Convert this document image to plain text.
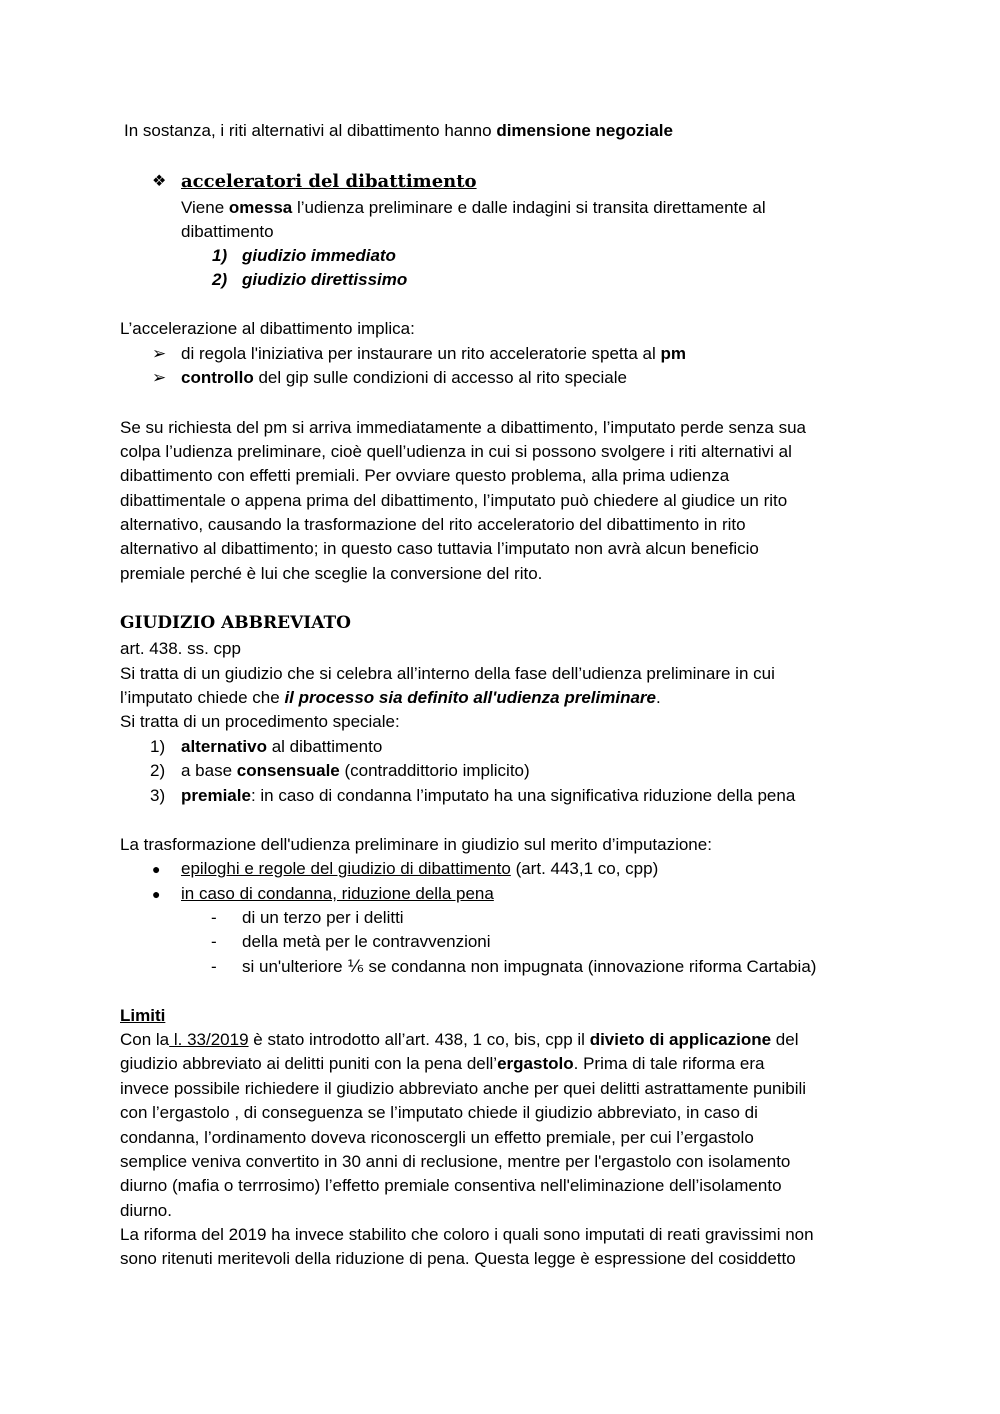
In sostanza, i riti alternativi al dibattimento hanno dimensione negoziale
❖ acceleratori del dibattimento
Viene omessa l’udienza preliminare e dalle indagini si transita direttamente al
dibattimento
1) giudizio immediato
2) giudizio direttissimo
L’accelerazione al dibattimento implica:
➢ di regola l'iniziativa per instaurare un rito acceleratorie spetta al pm
➢ controllo del gip sulle condizioni di accesso al rito speciale
Se su richiesta del pm si arriva immediatamente a dibattimento, l’imputato perde senza sua
colpa l’udienza preliminare, cioè quell’udienza in cui si possono svolgere i riti alternativi al
dibattimento con effetti premiali. Per ovviare questo problema, alla prima udienza
dibattimentale o appena prima del dibattimento, l’imputato può chiedere al giudice un rito
alternativo, causando la trasformazione del rito acceleratorio del dibattimento in rito
alternativo al dibattimento; in questo caso tuttavia l’imputato non avrà alcun beneficio
premiale perché è lui che sceglie la conversione del rito.
GIUDIZIO ABBREVIATO
art. 438. ss. cpp
Si tratta di un giudizio che si celebra all’interno della fase dell’udienza preliminare in cui
l’imputato chiede che il processo sia definito all'udienza preliminare.
Si tratta di un procedimento speciale:
1) alternativo al dibattimento
2) a base consensuale (contraddittorio implicito)
3) premiale: in caso di condanna l’imputato ha una significativa riduzione della pena
La trasformazione dell'udienza preliminare in giudizio sul merito d’imputazione:
● epiloghi e regole del giudizio di dibattimento (art. 443,1 co, cpp)
● in caso di condanna, riduzione della pena
- di un terzo per i delitti
- della metà per le contravvenzioni
- si un'ulteriore ⅙ se condanna non impugnata (innovazione riforma Cartabia)
Limiti
Con la l. 33/2019 è stato introdotto all’art. 438, 1 co, bis, cpp il divieto di applicazione del
giudizio abbreviato ai delitti puniti con la pena dell’ergastolo. Prima di tale riforma era
invece possibile richiedere il giudizio abbreviato anche per quei delitti astrattamente punibili
con l’ergastolo , di conseguenza se l’imputato chiede il giudizio abbreviato, in caso di
condanna, l’ordinamento doveva riconoscergli un effetto premiale, per cui l’ergastolo
semplice veniva convertito in 30 anni di reclusione, mentre per l'ergastolo con isolamento
diurno (mafia o terrrosimo) l’effetto premiale consentiva nell'eliminazione dell’isolamento
diurno.
La riforma del 2019 ha invece stabilito che coloro i quali sono imputati di reati gravissimi non
sono ritenuti meritevoli della riduzione di pena. Questa legge è espressione del cosiddetto
